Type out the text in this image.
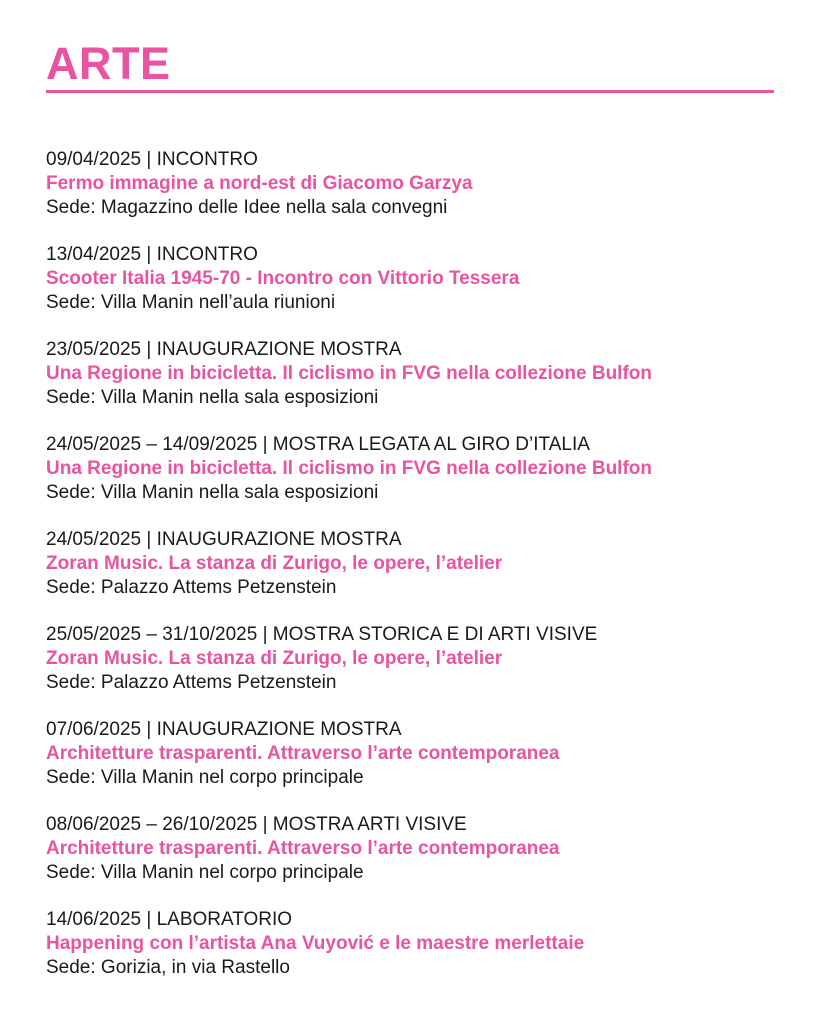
ARTE
09/04/2025 | INCONTRO
Fermo immagine a nord-est di Giacomo Garzya
Sede: Magazzino delle Idee nella sala convegni
13/04/2025 | INCONTRO
Scooter Italia 1945-70 - Incontro con Vittorio Tessera
Sede: Villa Manin nell’aula riunioni
23/05/2025 | INAUGURAZIONE MOSTRA
Una Regione in bicicletta. Il ciclismo in FVG nella collezione Bulfon
Sede: Villa Manin nella sala esposizioni
24/05/2025 – 14/09/2025 | MOSTRA LEGATA AL GIRO D’ITALIA
Una Regione in bicicletta. Il ciclismo in FVG nella collezione Bulfon
Sede: Villa Manin nella sala esposizioni
24/05/2025 | INAUGURAZIONE MOSTRA
Zoran Music. La stanza di Zurigo, le opere, l’atelier
Sede: Palazzo Attems Petzenstein
25/05/2025 – 31/10/2025 | MOSTRA STORICA E DI ARTI VISIVE
Zoran Music. La stanza di Zurigo, le opere, l’atelier
Sede: Palazzo Attems Petzenstein
07/06/2025 | INAUGURAZIONE MOSTRA
Architetture trasparenti. Attraverso l’arte contemporanea
Sede: Villa Manin nel corpo principale
08/06/2025 – 26/10/2025 | MOSTRA ARTI VISIVE
Architetture trasparenti. Attraverso l’arte contemporanea
Sede: Villa Manin nel corpo principale
14/06/2025 | LABORATORIO
Happening con l’artista Ana Vuyović e le maestre merlettaie
Sede: Gorizia, in via Rastello
